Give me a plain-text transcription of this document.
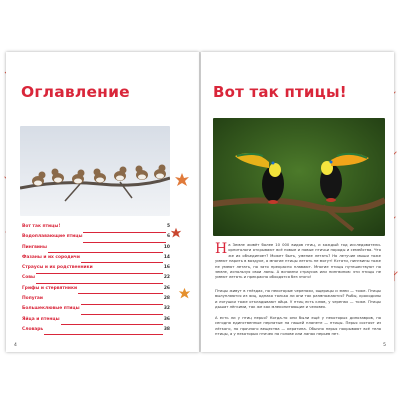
Оглавление
Вот так птицы!	5
Водоплавающие птицы	6
Пингвины	10
Фазаны и их сородичи	14
Страусы и их родственники	16
Совы	22
Грифы и стервятники	26
Попугаи	28
Большеклювые птицы	32
Яйца и птенцы	36
Словарь	38
4
Вот так птицы!
На Земле живёт более 10 000 видов птиц, и каждый год исследователи-орнитологи открывают всё новые и новые птичьи породы и семейства. Что же их объединяет? Может быть, умение летать? Но летучие мыши тоже умеют парить в воздухе, а многие птицы летать не могут! Кстати, пингвины тоже не умеют летать, но зато прекрасно плавают. Многие птицы путешествуют по земле, используя свои лапы. А вспомни страусов или пингвинов: эти птицы не умеют летать и прекрасно обходятся без этого!
Птицы живут в гнёздах, но некоторые черепахи, ящерицы и змеи — тоже. Птицы вылупляются из яиц, однако только ли они так размножаются? Рыбы, крокодилы и лягушки тоже откладывают яйца. У птиц есть клюв, у черепах — тоже. Птицы дышат лёгкими, так же как млекопитающие и человек.
А есть ли у птиц перья? Когда-то они были ещё у некоторых динозавров, но сегодня единственные пернатые на нашей планете — птицы. Перья состоят из лёгкого, но прочного вещества — кератина. Обычно перья покрывают всё тело птицы, а у некоторых птичек на голове или лапах перьев нет.
5
